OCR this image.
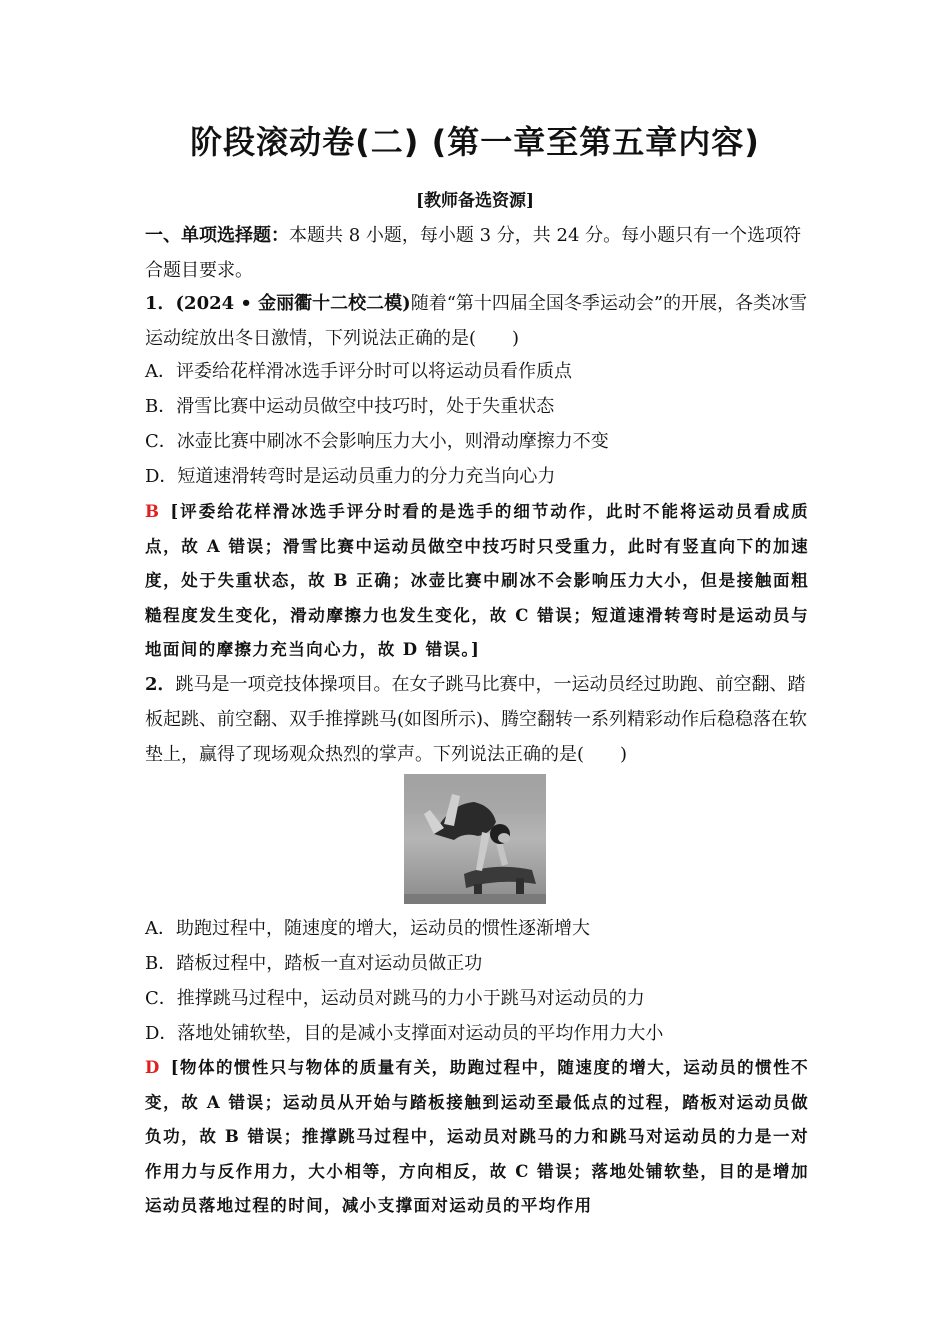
阶段滚动卷(二) (第一章至第五章内容)
[教师备选资源]
一、单项选择题：本题共 8 小题，每小题 3 分，共 24 分。每小题只有一个选项符合题目要求。
1．(2024 • 金丽衢十二校二模)随着“第十四届全国冬季运动会”的开展，各类冰雪运动绽放出冬日激情，下列说法正确的是(　　)
A．评委给花样滑冰选手评分时可以将运动员看作质点
B．滑雪比赛中运动员做空中技巧时，处于失重状态
C．冰壶比赛中刷冰不会影响压力大小，则滑动摩擦力不变
D．短道速滑转弯时是运动员重力的分力充当向心力
B [评委给花样滑冰选手评分时看的是选手的细节动作，此时不能将运动员看成质点，故 A 错误；滑雪比赛中运动员做空中技巧时只受重力，此时有竖直向下的加速度，处于失重状态，故 B 正确；冰壶比赛中刷冰不会影响压力大小，但是接触面粗糙程度发生变化，滑动摩擦力也发生变化，故 C 错误；短道速滑转弯时是运动员与地面间的摩擦力充当向心力，故 D 错误。]
2．跳马是一项竞技体操项目。在女子跳马比赛中，一运动员经过助跑、前空翻、踏板起跳、前空翻、双手推撑跳马(如图所示)、腾空翻转一系列精彩动作后稳稳落在软垫上，赢得了现场观众热烈的掌声。下列说法正确的是(　　)
A．助跑过程中，随速度的增大，运动员的惯性逐渐增大
B．踏板过程中，踏板一直对运动员做正功
C．推撑跳马过程中，运动员对跳马的力小于跳马对运动员的力
D．落地处铺软垫，目的是减小支撑面对运动员的平均作用力大小
D [物体的惯性只与物体的质量有关，助跑过程中，随速度的增大，运动员的惯性不变，故 A 错误；运动员从开始与踏板接触到运动至最低点的过程，踏板对运动员做负功，故 B 错误；推撑跳马过程中，运动员对跳马的力和跳马对运动员的力是一对作用力与反作用力，大小相等，方向相反，故 C 错误；落地处铺软垫，目的是增加运动员落地过程的时间，减小支撑面对运动员的平均作用
